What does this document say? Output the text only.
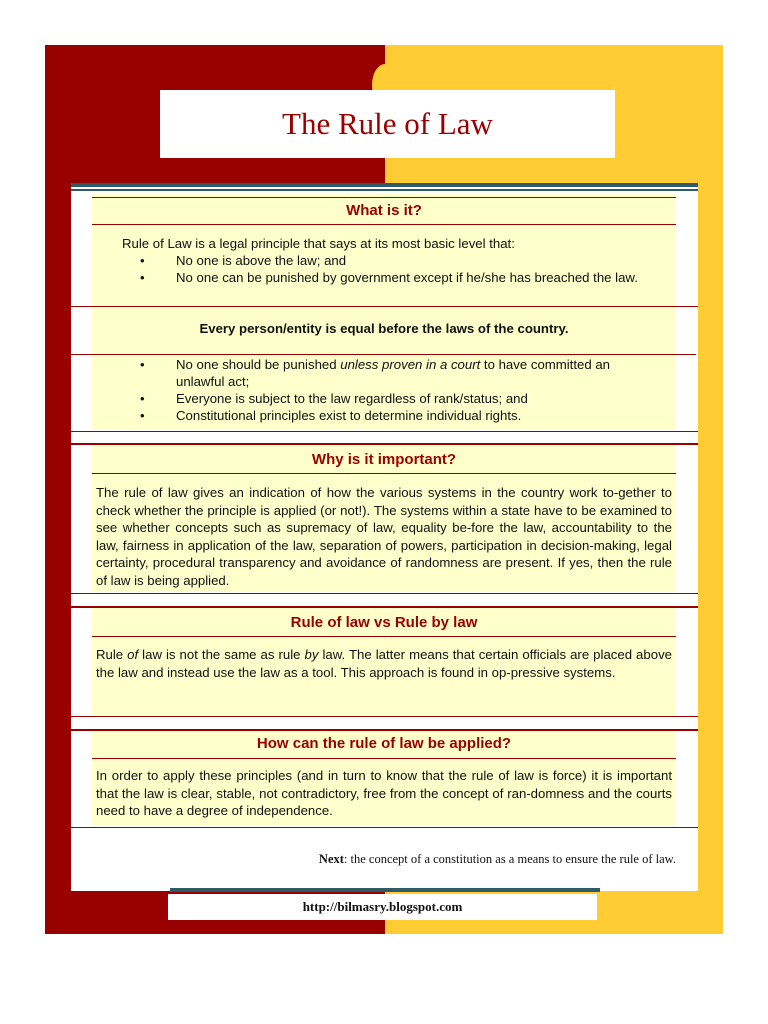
The Rule of Law

What is it?

Rule of Law is a legal principle that says at its most basic level that:

• No one is above the law; and
• No one can be punished by government except if he/she has breached the law.

Every person/entity is equal before the laws of the country.

• No one should be punished unless proven in a court to have committed an unlawful act;
• Everyone is subject to the law regardless of rank/status; and
• Constitutional principles exist to determine individual rights.

Why is it important?

The rule of law gives an indication of how the various systems in the country work to-gether to check whether the principle is applied (or not!). The systems within a state have to be examined to see whether concepts such as supremacy of law, equality be-fore the law, accountability to the law, fairness in application of the law, separation of powers, participation in decision-making, legal certainty, procedural transparency and avoidance of randomness are present. If yes, then the rule of law is being applied.

Rule of law vs Rule by law

Rule of law is not the same as rule by law. The latter means that certain officials are placed above the law and instead use the law as a tool. This approach is found in op-pressive systems.

How can the rule of law be applied?

In order to apply these principles (and in turn to know that the rule of law is force) it is important that the law is clear, stable, not contradictory, free from the concept of ran-domness and the courts need to have a degree of independence.

Next: the concept of a constitution as a means to ensure the rule of law.

http://bilmasry.blogspot.com
